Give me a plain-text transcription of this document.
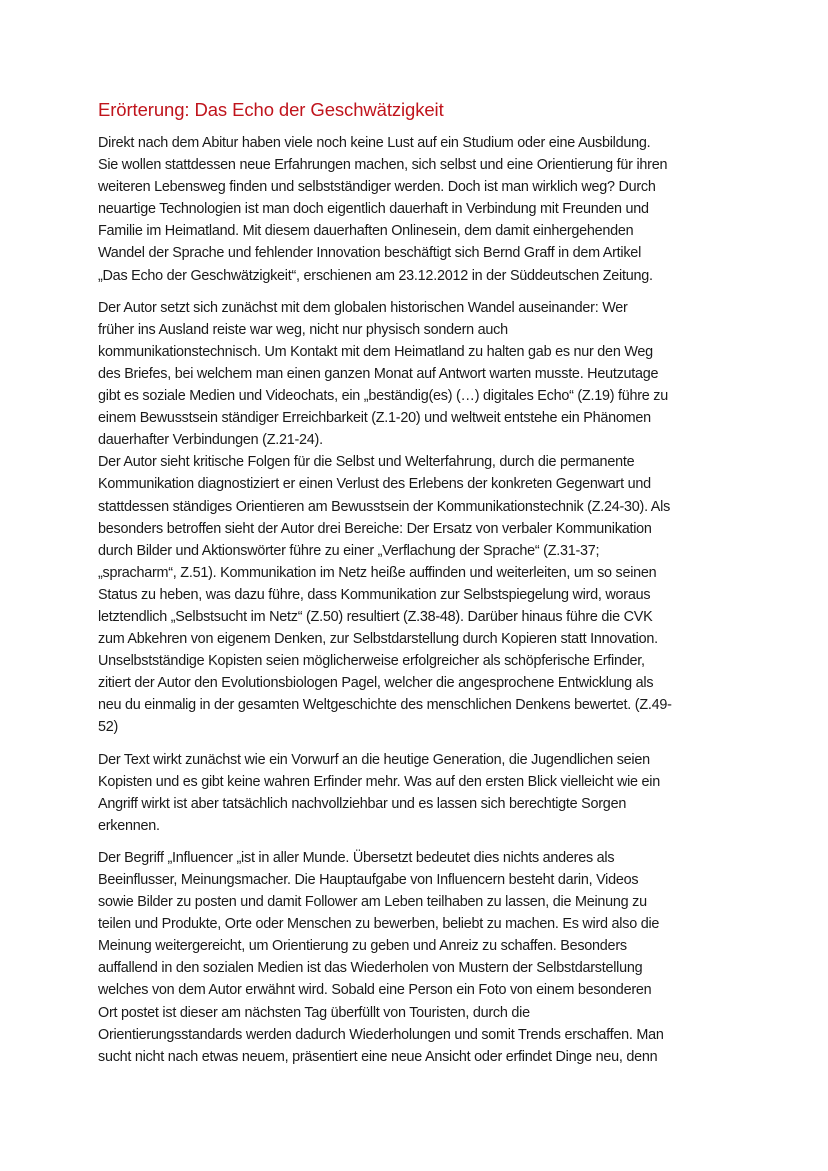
Erörterung: Das Echo der Geschwätzigkeit

Direkt nach dem Abitur haben viele noch keine Lust auf ein Studium oder eine Ausbildung.
Sie wollen stattdessen neue Erfahrungen machen, sich selbst und eine Orientierung für ihren
weiteren Lebensweg finden und selbstständiger werden. Doch ist man wirklich weg? Durch
neuartige Technologien ist man doch eigentlich dauerhaft in Verbindung mit Freunden und
Familie im Heimatland. Mit diesem dauerhaften Onlinesein, dem damit einhergehenden
Wandel der Sprache und fehlender Innovation beschäftigt sich Bernd Graff in dem Artikel
„Das Echo der Geschwätzigkeit“, erschienen am 23.12.2012 in der Süddeutschen Zeitung.

Der Autor setzt sich zunächst mit dem globalen historischen Wandel auseinander: Wer
früher ins Ausland reiste war weg, nicht nur physisch sondern auch
kommunikationstechnisch. Um Kontakt mit dem Heimatland zu halten gab es nur den Weg
des Briefes, bei welchem man einen ganzen Monat auf Antwort warten musste. Heutzutage
gibt es soziale Medien und Videochats, ein „beständig(es) (…) digitales Echo“ (Z.19) führe zu
einem Bewusstsein ständiger Erreichbarkeit (Z.1-20) und weltweit entstehe ein Phänomen
dauerhafter Verbindungen (Z.21-24).
Der Autor sieht kritische Folgen für die Selbst und Welterfahrung, durch die permanente
Kommunikation diagnostiziert er einen Verlust des Erlebens der konkreten Gegenwart und
stattdessen ständiges Orientieren am Bewusstsein der Kommunikationstechnik (Z.24-30). Als
besonders betroffen sieht der Autor drei Bereiche: Der Ersatz von verbaler Kommunikation
durch Bilder und Aktionswörter führe zu einer „Verflachung der Sprache“ (Z.31-37;
„spracharm“, Z.51). Kommunikation im Netz heiße auffinden und weiterleiten, um so seinen
Status zu heben, was dazu führe, dass Kommunikation zur Selbstspiegelung wird, woraus
letztendlich „Selbstsucht im Netz“ (Z.50) resultiert (Z.38-48). Darüber hinaus führe die CVK
zum Abkehren von eigenem Denken, zur Selbstdarstellung durch Kopieren statt Innovation.
Unselbstständige Kopisten seien möglicherweise erfolgreicher als schöpferische Erfinder,
zitiert der Autor den Evolutionsbiologen Pagel, welcher die angesprochene Entwicklung als
neu du einmalig in der gesamten Weltgeschichte des menschlichen Denkens bewertet. (Z.49-
52)

Der Text wirkt zunächst wie ein Vorwurf an die heutige Generation, die Jugendlichen seien
Kopisten und es gibt keine wahren Erfinder mehr. Was auf den ersten Blick vielleicht wie ein
Angriff wirkt ist aber tatsächlich nachvollziehbar und es lassen sich berechtigte Sorgen
erkennen.

Der Begriff „Influencer „ist in aller Munde. Übersetzt bedeutet dies nichts anderes als
Beeinflusser, Meinungsmacher. Die Hauptaufgabe von Influencern besteht darin, Videos
sowie Bilder zu posten und damit Follower am Leben teilhaben zu lassen, die Meinung zu
teilen und Produkte, Orte oder Menschen zu bewerben, beliebt zu machen. Es wird also die
Meinung weitergereicht, um Orientierung zu geben und Anreiz zu schaffen. Besonders
auffallend in den sozialen Medien ist das Wiederholen von Mustern der Selbstdarstellung
welches von dem Autor erwähnt wird. Sobald eine Person ein Foto von einem besonderen
Ort postet ist dieser am nächsten Tag überfüllt von Touristen, durch die
Orientierungsstandards werden dadurch Wiederholungen und somit Trends erschaffen. Man
sucht nicht nach etwas neuem, präsentiert eine neue Ansicht oder erfindet Dinge neu, denn
